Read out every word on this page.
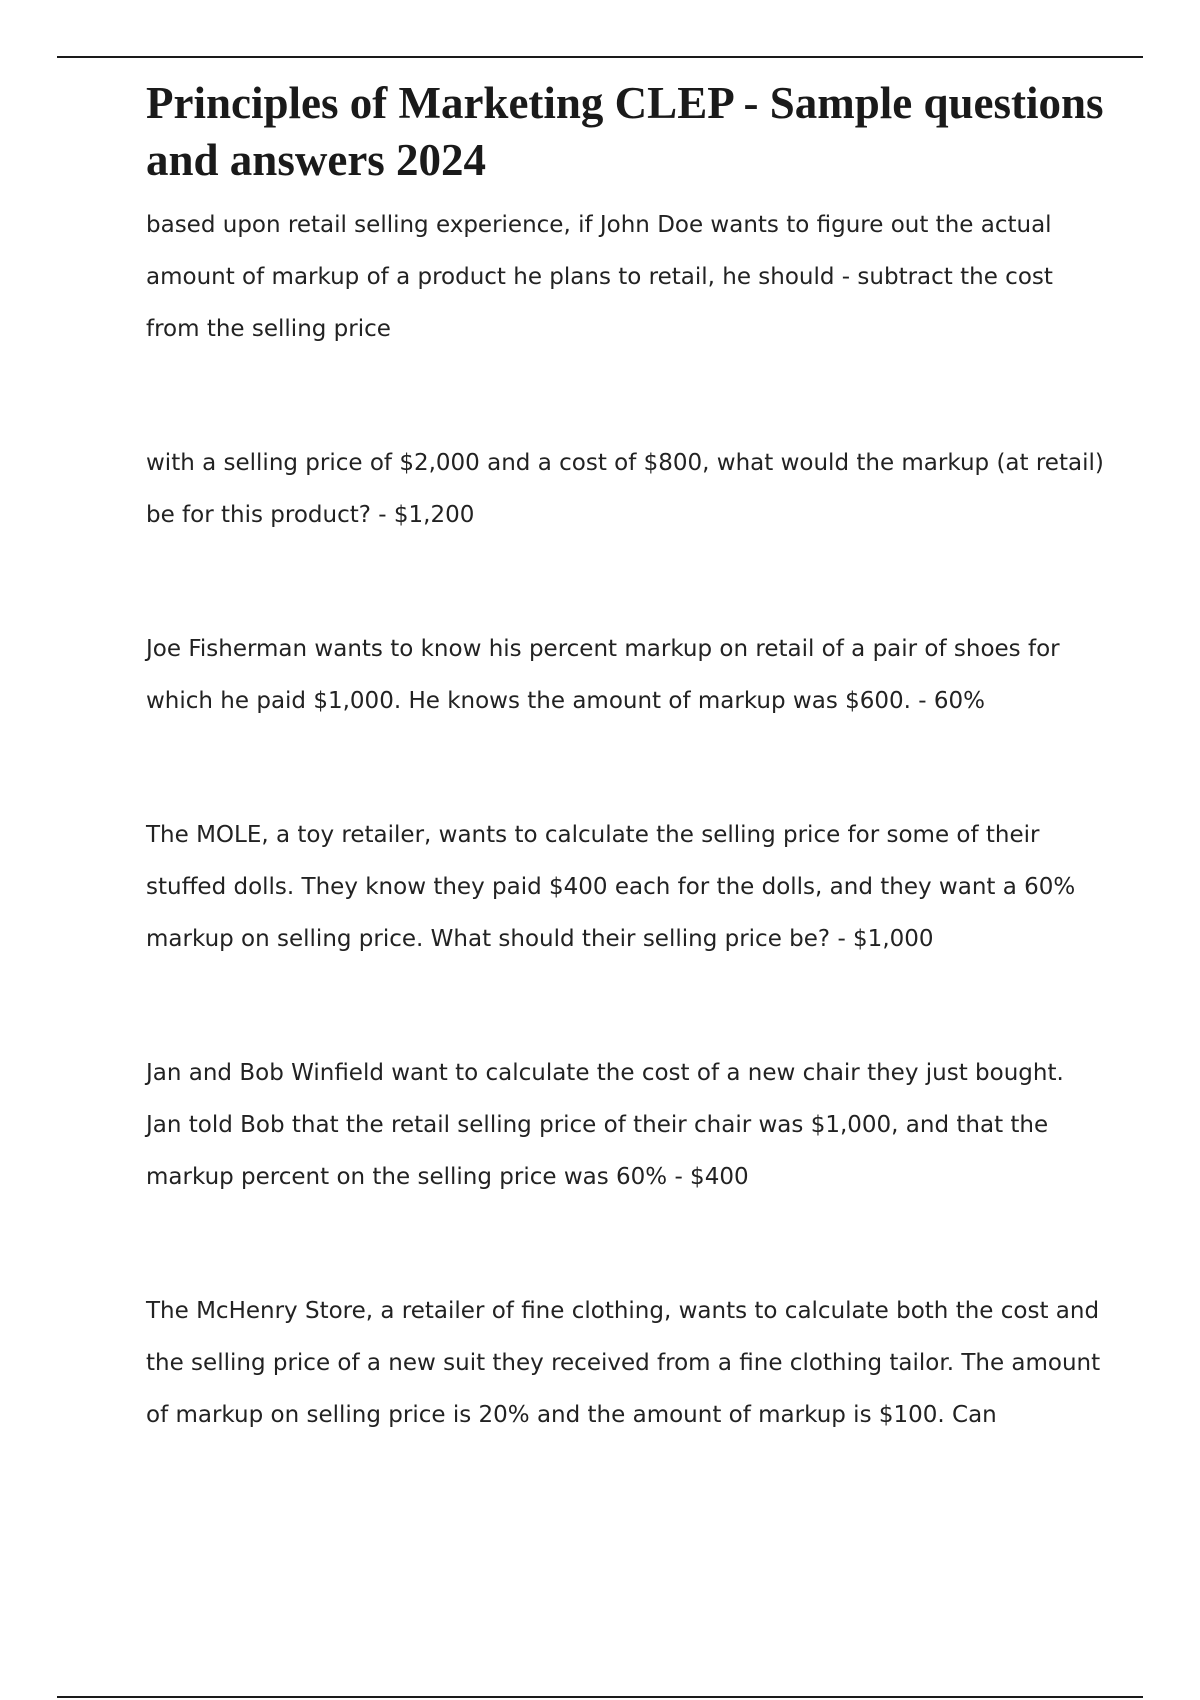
Principles of Marketing CLEP - Sample questions and answers 2024

based upon retail selling experience, if John Doe wants to figure out the actual amount of markup of a product he plans to retail, he should - subtract the cost from the selling price

with a selling price of $2,000 and a cost of $800, what would the markup (at retail) be for this product? - $1,200

Joe Fisherman wants to know his percent markup on retail of a pair of shoes for which he paid $1,000. He knows the amount of markup was $600. - 60%

The MOLE, a toy retailer, wants to calculate the selling price for some of their stuffed dolls. They know they paid $400 each for the dolls, and they want a 60% markup on selling price. What should their selling price be? - $1,000

Jan and Bob Winfield want to calculate the cost of a new chair they just bought. Jan told Bob that the retail selling price of their chair was $1,000, and that the markup percent on the selling price was 60% - $400

The McHenry Store, a retailer of fine clothing, wants to calculate both the cost and the selling price of a new suit they received from a fine clothing tailor. The amount of markup on selling price is 20% and the amount of markup is $100. Can
